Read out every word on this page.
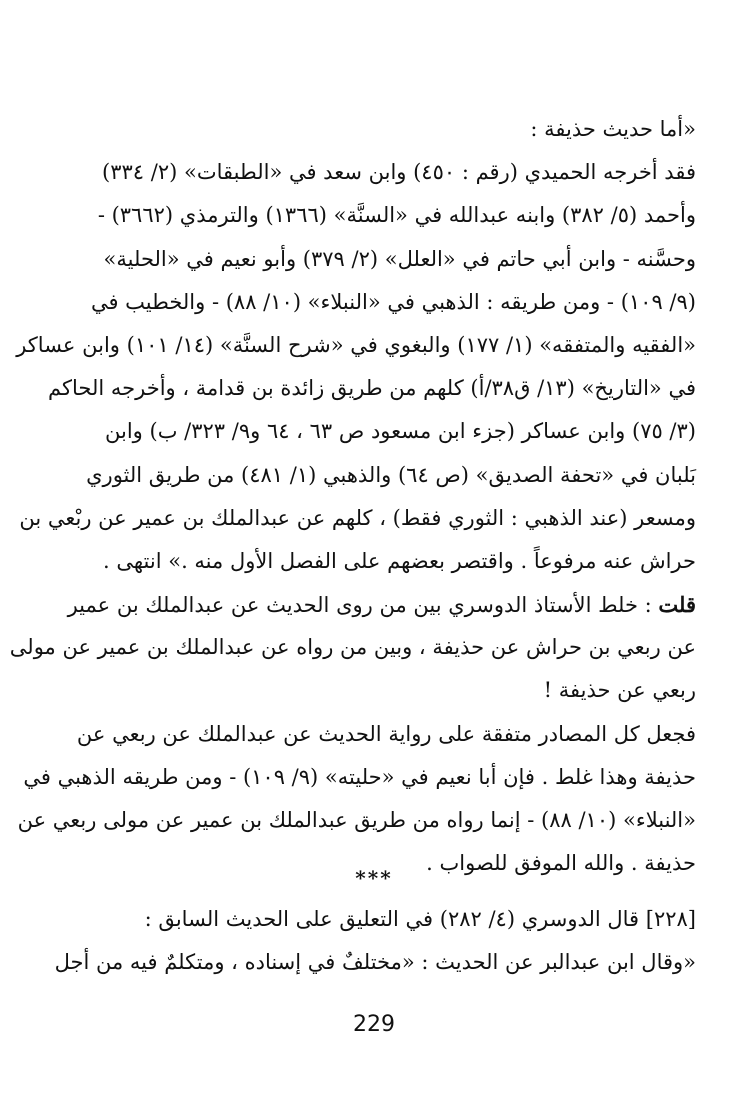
«أما حديث حذيفة :
فقد أخرجه الحميدي (رقم : ٤٥٠) وابن سعد في «الطبقات» (٢/ ٣٣٤)
وأحمد (٥/ ٣٨٢) وابنه عبدالله في «السنَّة» (١٣٦٦) والترمذي (٣٦٦٢) -
وحسَّنه - وابن أبي حاتم في «العلل» (٢/ ٣٧٩) وأبو نعيم في «الحلية»
(٩/ ١٠٩) - ومن طريقه : الذهبي في «النبلاء» (١٠/ ٨٨) - والخطيب في
«الفقيه والمتفقه» (١/ ١٧٧) والبغوي في «شرح السنَّة» (١٤/ ١٠١) وابن عساكر
في «التاريخ» (١٣/ ق٣٨/أ) كلهم من طريق زائدة بن قدامة ، وأخرجه الحاكم
(٣/ ٧٥) وابن عساكر (جزء ابن مسعود ص ٦٣ ، ٦٤ و٩/ ٣٢٣/ ب) وابن
بَلبان في «تحفة الصديق» (ص ٦٤) والذهبي (١/ ٤٨١) من طريق الثوري
ومسعر (عند الذهبي : الثوري فقط) ، كلهم عن عبدالملك بن عمير عن ربْعي بن
حراش عنه مرفوعاً . واقتصر بعضهم على الفصل الأول منه .» انتهى .
قلت : خلط الأستاذ الدوسري بين من روى الحديث عن عبدالملك بن عمير
عن ربعي بن حراش عن حذيفة ، وبين من رواه عن عبدالملك بن عمير عن مولى
ربعي عن حذيفة !
فجعل كل المصادر متفقة على رواية الحديث عن عبدالملك عن ربعي عن
حذيفة وهذا غلط . فإن أبا نعيم في «حليته» (٩/ ١٠٩) - ومن طريقه الذهبي في
«النبلاء» (١٠/ ٨٨) - إنما رواه من طريق عبدالملك بن عمير عن مولى ربعي عن
حذيفة . والله الموفق للصواب .
***
[٢٢٨] قال الدوسري (٤/ ٢٨٢) في التعليق على الحديث السابق :
«وقال ابن عبدالبر عن الحديث : «مختلفٌ في إسناده ، ومتكلمٌ فيه من أجل
229
